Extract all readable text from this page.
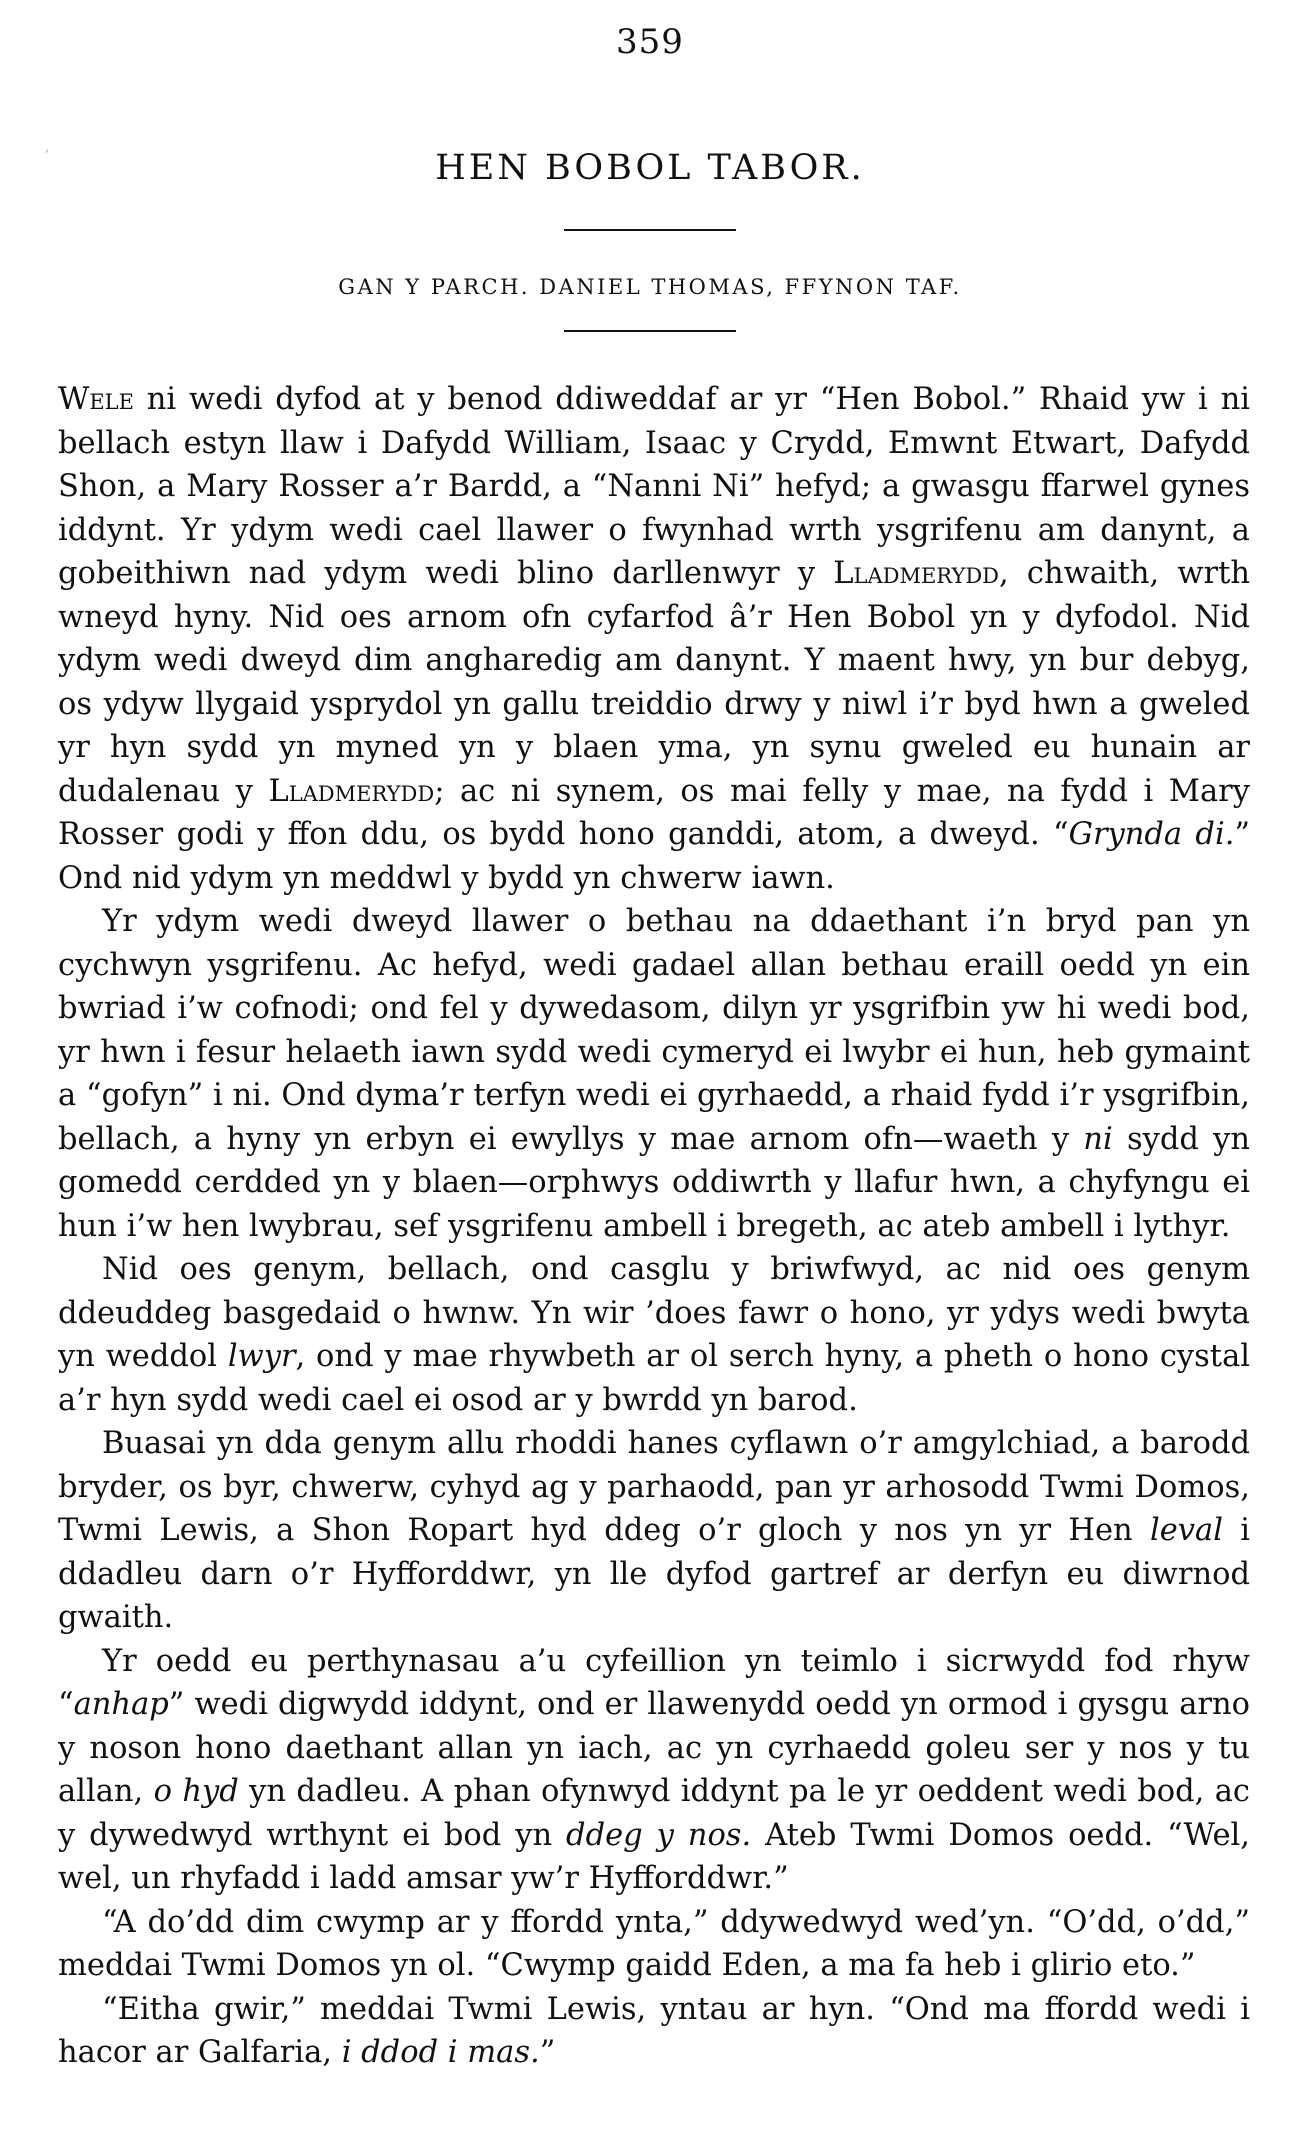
ʼ
359
HEN BOBOL TABOR.
GAN Y PARCH. DANIEL THOMAS, FFYNON TAF.

Wele ni wedi dyfod at y benod ddiweddaf ar yr “Hen Bobol.” Rhaid yw i ni bellach estyn llaw i Dafydd William, Isaac y Crydd, Emwnt Etwart, Dafydd Shon, a Mary Rosser a’r Bardd, a “Nanni Ni” hefyd; a gwasgu ffarwel gynes iddynt. Yr ydym wedi cael llawer o fwynhad wrth ysgrifenu am danynt, a gobeithiwn nad ydym wedi blino darllenwyr y Lladmerydd, chwaith, wrth wneyd hyny. Nid oes arnom ofn cyfarfod â’r Hen Bobol yn y dyfodol. Nid ydym wedi dweyd dim angharedig am danynt. Y maent hwy, yn bur debyg, os ydyw llygaid ysprydol yn gallu treiddio drwy y niwl i’r byd hwn a gweled yr hyn sydd yn myned yn y blaen yma, yn synu gweled eu hunain ar dudalenau y Lladmerydd; ac ni synem, os mai felly y mae, na fydd i Mary Rosser godi y ffon ddu, os bydd hono ganddi, atom, a dweyd. “Grynda di.” Ond nid ydym yn meddwl y bydd yn chwerw iawn.

Yr ydym wedi dweyd llawer o bethau na ddaethant i’n bryd pan yn cychwyn ysgrifenu. Ac hefyd, wedi gadael allan bethau eraill oedd yn ein bwriad i’w cofnodi; ond fel y dywedasom, dilyn yr ysgrifbin yw hi wedi bod, yr hwn i fesur helaeth iawn sydd wedi cymeryd ei lwybr ei hun, heb gymaint a “gofyn” i ni. Ond dyma’r terfyn wedi ei gyrhaedd, a rhaid fydd i’r ysgrifbin, bellach, a hyny yn erbyn ei ewyllys y mae arnom ofn—waeth y ni sydd yn gomedd cerdded yn y blaen—orphwys oddiwrth y llafur hwn, a chyfyngu ei hun i’w hen lwybrau, sef ysgrifenu ambell i bregeth, ac ateb ambell i lythyr.

Nid oes genym, bellach, ond casglu y briwfwyd, ac nid oes genym ddeuddeg basgedaid o hwnw. Yn wir ’does fawr o hono, yr ydys wedi bwyta yn weddol lwyr, ond y mae rhywbeth ar ol serch hyny, a pheth o hono cystal a’r hyn sydd wedi cael ei osod ar y bwrdd yn barod.

Buasai yn dda genym allu rhoddi hanes cyflawn o’r amgylchiad, a barodd bryder, os byr, chwerw, cyhyd ag y parhaodd, pan yr arhosodd Twmi Domos, Twmi Lewis, a Shon Ropart hyd ddeg o’r gloch y nos yn yr Hen leval i ddadleu darn o’r Hyfforddwr, yn lle dyfod gartref ar derfyn eu diwrnod gwaith.

Yr oedd eu perthynasau a’u cyfeillion yn teimlo i sicrwydd fod rhyw “anhap” wedi digwydd iddynt, ond er llawenydd oedd yn ormod i gysgu arno y noson hono daethant allan yn iach, ac yn cyrhaedd goleu ser y nos y tu allan, o hyd yn dadleu. A phan ofynwyd iddynt pa le yr oeddent wedi bod, ac y dywedwyd wrthynt ei bod yn ddeg y nos. Ateb Twmi Domos oedd. “Wel, wel, un rhyfadd i ladd amsar yw’r Hyfforddwr.”

“A do’dd dim cwymp ar y ffordd ynta,” ddywedwyd wed’yn. “O’dd, o’dd,” meddai Twmi Domos yn ol. “Cwymp gaidd Eden, a ma fa heb i glirio eto.”

“Eitha gwir,” meddai Twmi Lewis, yntau ar hyn. “Ond ma ffordd wedi i hacor ar Galfaria, i ddod i mas.”
